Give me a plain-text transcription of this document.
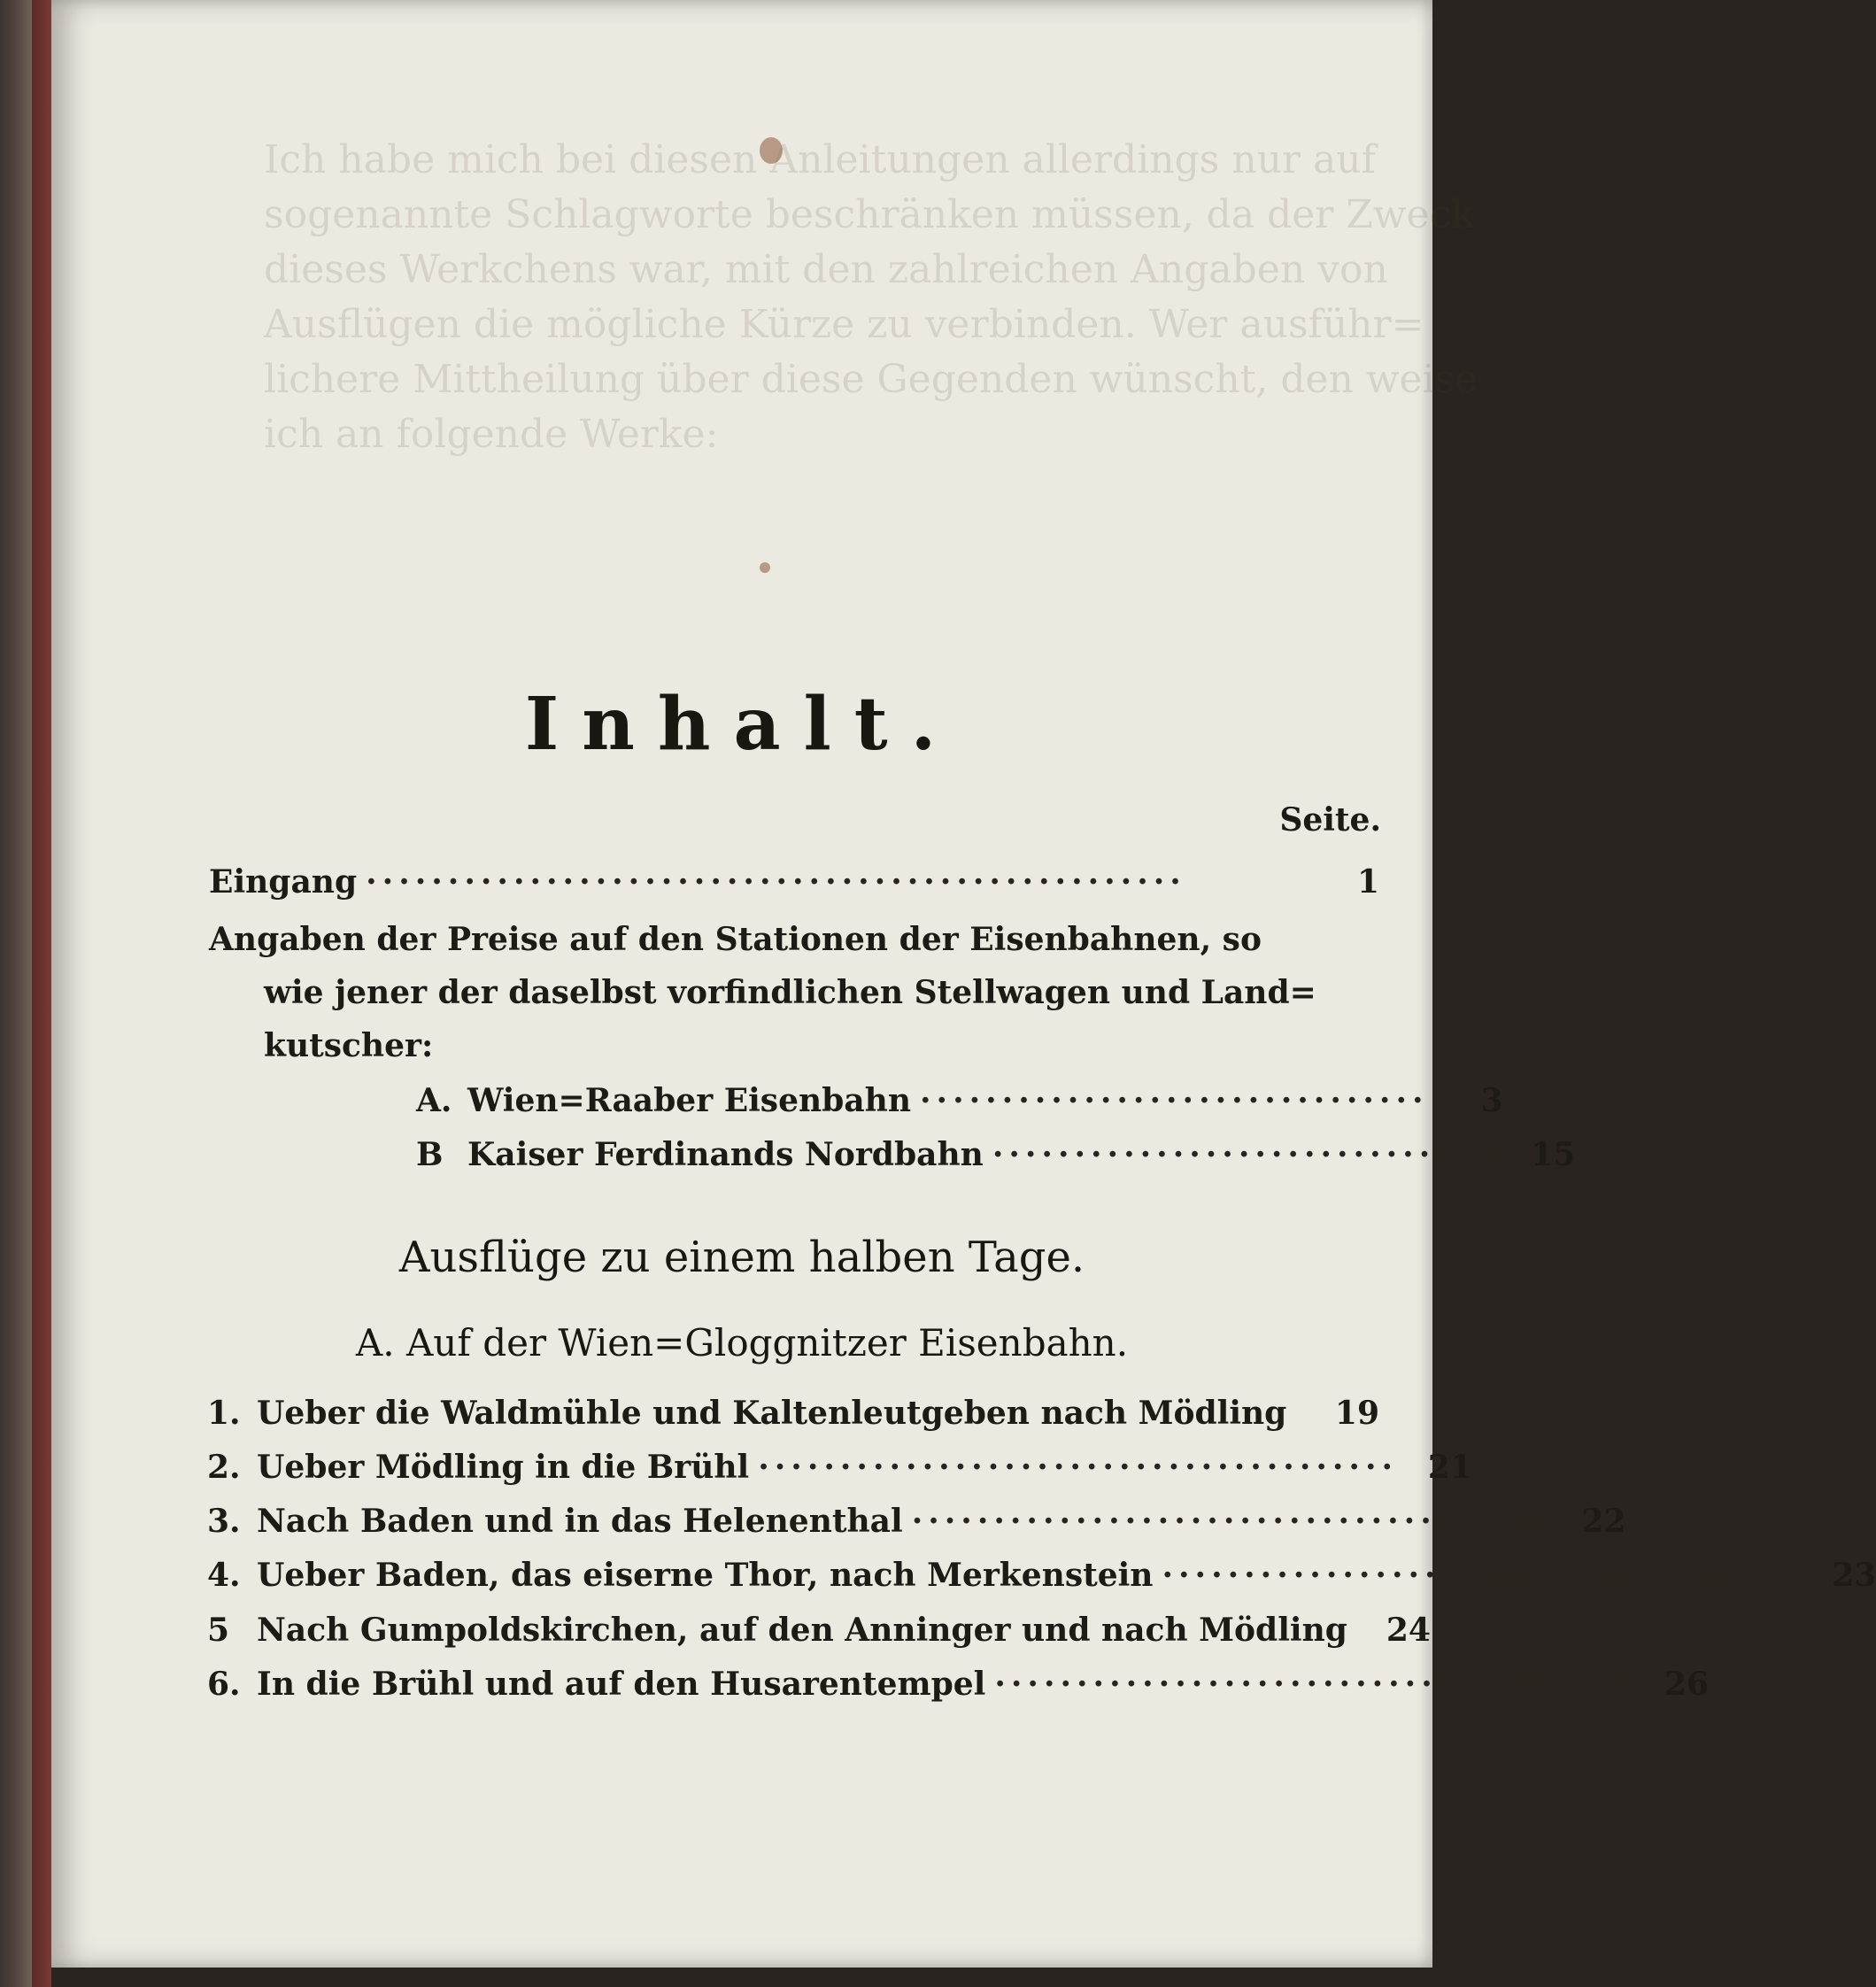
Ich habe mich bei diesen Anleitungen allerdings nur auf
sogenannte Schlagworte beschränken müssen, da der Zweck
dieses Werkchens war, mit den zahlreichen Angaben von
Ausflügen die mögliche Kürze zu verbinden. Wer ausführ=
lichere Mittheilung über diese Gegenden wünscht, den weise
ich an folgende Werke:
Inhalt.
Seite.
Eingang ··················································	1
Angaben der Preise auf den Stationen der Eisenbahnen, so
wie jener der daselbst vorfindlichen Stellwagen und Land=
kutscher:
A. Wien=Raaber Eisenbahn ·······························	3
B Kaiser Ferdinands Nordbahn ······························· 15
Ausflüge zu einem halben Tage.
A. Auf der Wien=Gloggnitzer Eisenbahn.
1. Ueber die Waldmühle und Kaltenleutgeben nach Mödling	19
2. Ueber Mödling in die Brühl ······································· 21
3. Nach Baden und in das Helenenthal ······································· 22
4. Ueber Baden, das eiserne Thor, nach Merkenstein ······································· 23
5 Nach Gumpoldskirchen, auf den Anninger und nach Mödling	24
6. In die Brühl und auf den Husarentempel ······································· 26
